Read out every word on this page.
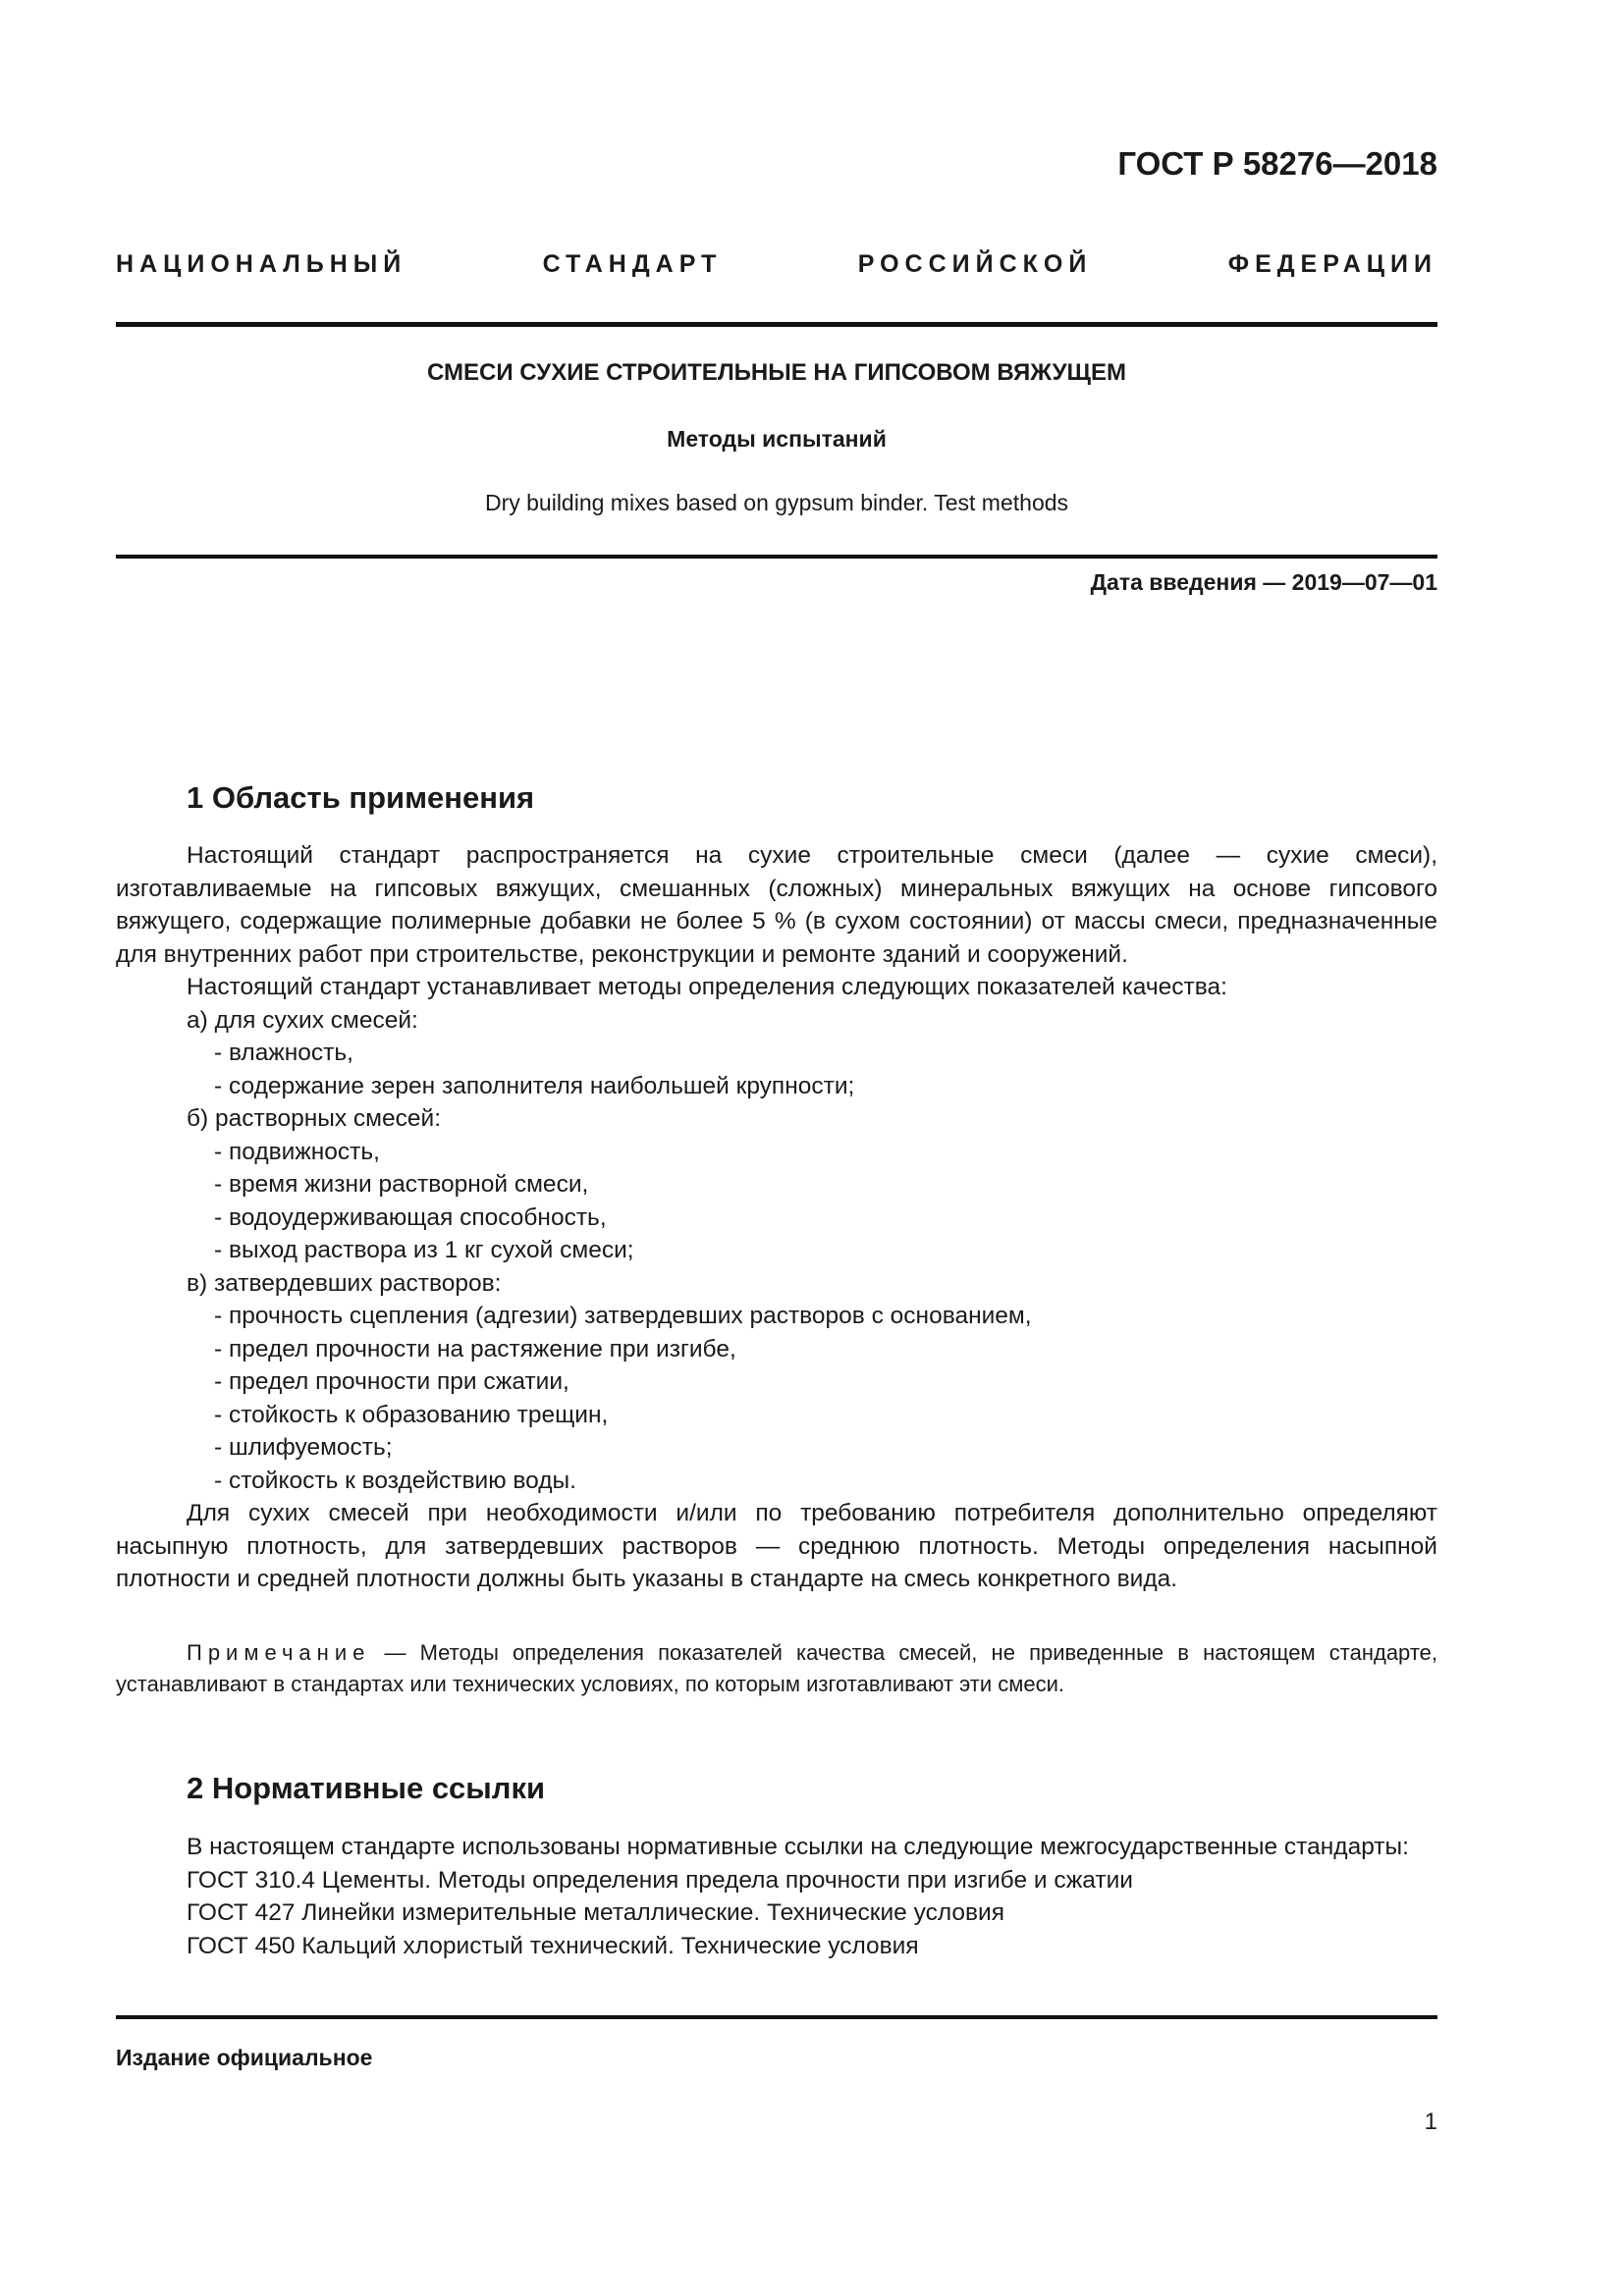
ГОСТ Р 58276—2018
НАЦИОНАЛЬНЫЙ	СТАНДАРТ	РОССИЙСКОЙ	ФЕДЕРАЦИИ
СМЕСИ СУХИЕ СТРОИТЕЛЬНЫЕ НА ГИПСОВОМ ВЯЖУЩЕМ
Методы испытаний
Dry building mixes based on gypsum binder. Test methods
Дата введения — 2019—07—01
1 Область применения

Настоящий стандарт распространяется на сухие строительные смеси (далее — сухие смеси), изготавливаемые на гипсовых вяжущих, смешанных (сложных) минеральных вяжущих на основе гипсового вяжущего, содержащие полимерные добавки не более 5 % (в сухом состоянии) от массы смеси, предназначенные для внутренних работ при строительстве, реконструкции и ремонте зданий и сооружений.

Настоящий стандарт устанавливает методы определения следующих показателей качества:

а) для сухих смесей:

- влажность,

- содержание зерен заполнителя наибольшей крупности;

б) растворных смесей:

- подвижность,

- время жизни растворной смеси,

- водоудерживающая способность,

- выход раствора из 1 кг сухой смеси;

в) затвердевших растворов:

- прочность сцепления (адгезии) затвердевших растворов с основанием,

- предел прочности на растяжение при изгибе,

- предел прочности при сжатии,

- стойкость к образованию трещин,

- шлифуемость;

- стойкость к воздействию воды.

Для сухих смесей при необходимости и/или по требованию потребителя дополнительно определяют насыпную плотность, для затвердевших растворов — среднюю плотность. Методы определения насыпной плотности и средней плотности должны быть указаны в стандарте на смесь конкретного вида.

Примечание — Методы определения показателей качества смесей, не приведенные в настоящем стандарте, устанавливают в стандартах или технических условиях, по которым изготавливают эти смеси.

2 Нормативные ссылки

В настоящем стандарте использованы нормативные ссылки на следующие межгосударственные стандарты:

ГОСТ 310.4 Цементы. Методы определения предела прочности при изгибе и сжатии

ГОСТ 427 Линейки измерительные металлические. Технические условия

ГОСТ 450 Кальций хлористый технический. Технические условия

Издание официальное
1
